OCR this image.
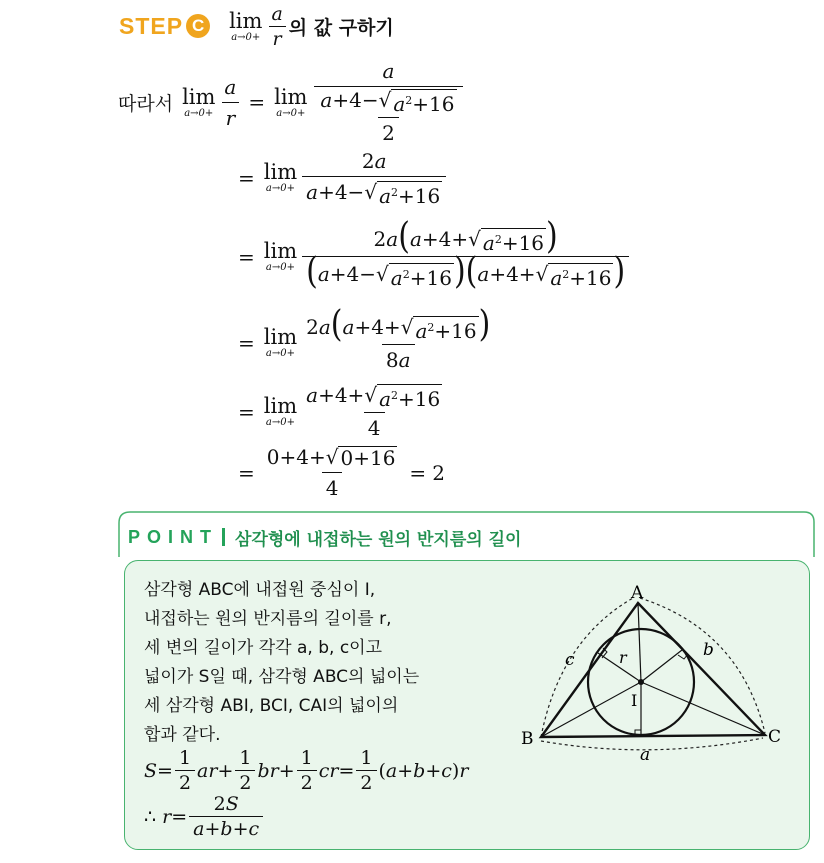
STEP C lim
$a\to 0+ \frac{a}{r}$ 의 값 구하기
따라서 lim
$a\to 0+ \frac{a}{r} = \lim$
$a\to 0+ \frac{a}{\frac{a+4- √ a^2+16}{2}}$
= lim
$a\to 0+ \frac{2a}{a+4- √ a^2+16}$
= lim
$a\to 0+ \frac{2a(a+4+ √ a^2+16 )}{(a+4- √ a^2+16 )(a+4+ √ a^2+16 )}$
= lim
$a\to 0+ \frac{2a(a+4+ √ a^2+16 )}{8a}$
= lim
$a\to 0+ \frac{a+4+ √ a^2+16}{4}$
= $\frac{0+4+ √ 0+16}{4} = 2$
POINT 삼각형에 내접하는 원의 반지름의 길이
삼각형 ABC에 내접원 중심이 I,
내접하는 원의 반지름의 길이를 r,
세 변의 길이가 각각 a, b, c이고
넓이가 S일 때, 삼각형 ABC의 넓이는
세 삼각형 ABI, BCI, CAI의 넓이의
합과 같다.
$S = \frac{1}{2}$ ar + $\frac{1}{2}$ br + $\frac{1}{2}$ cr = $\frac{1}{2}$ ( a + b + c ) r
∴ $r = \frac{2S}{a+b+c}$
A
B	C
I
a
b
c	r
